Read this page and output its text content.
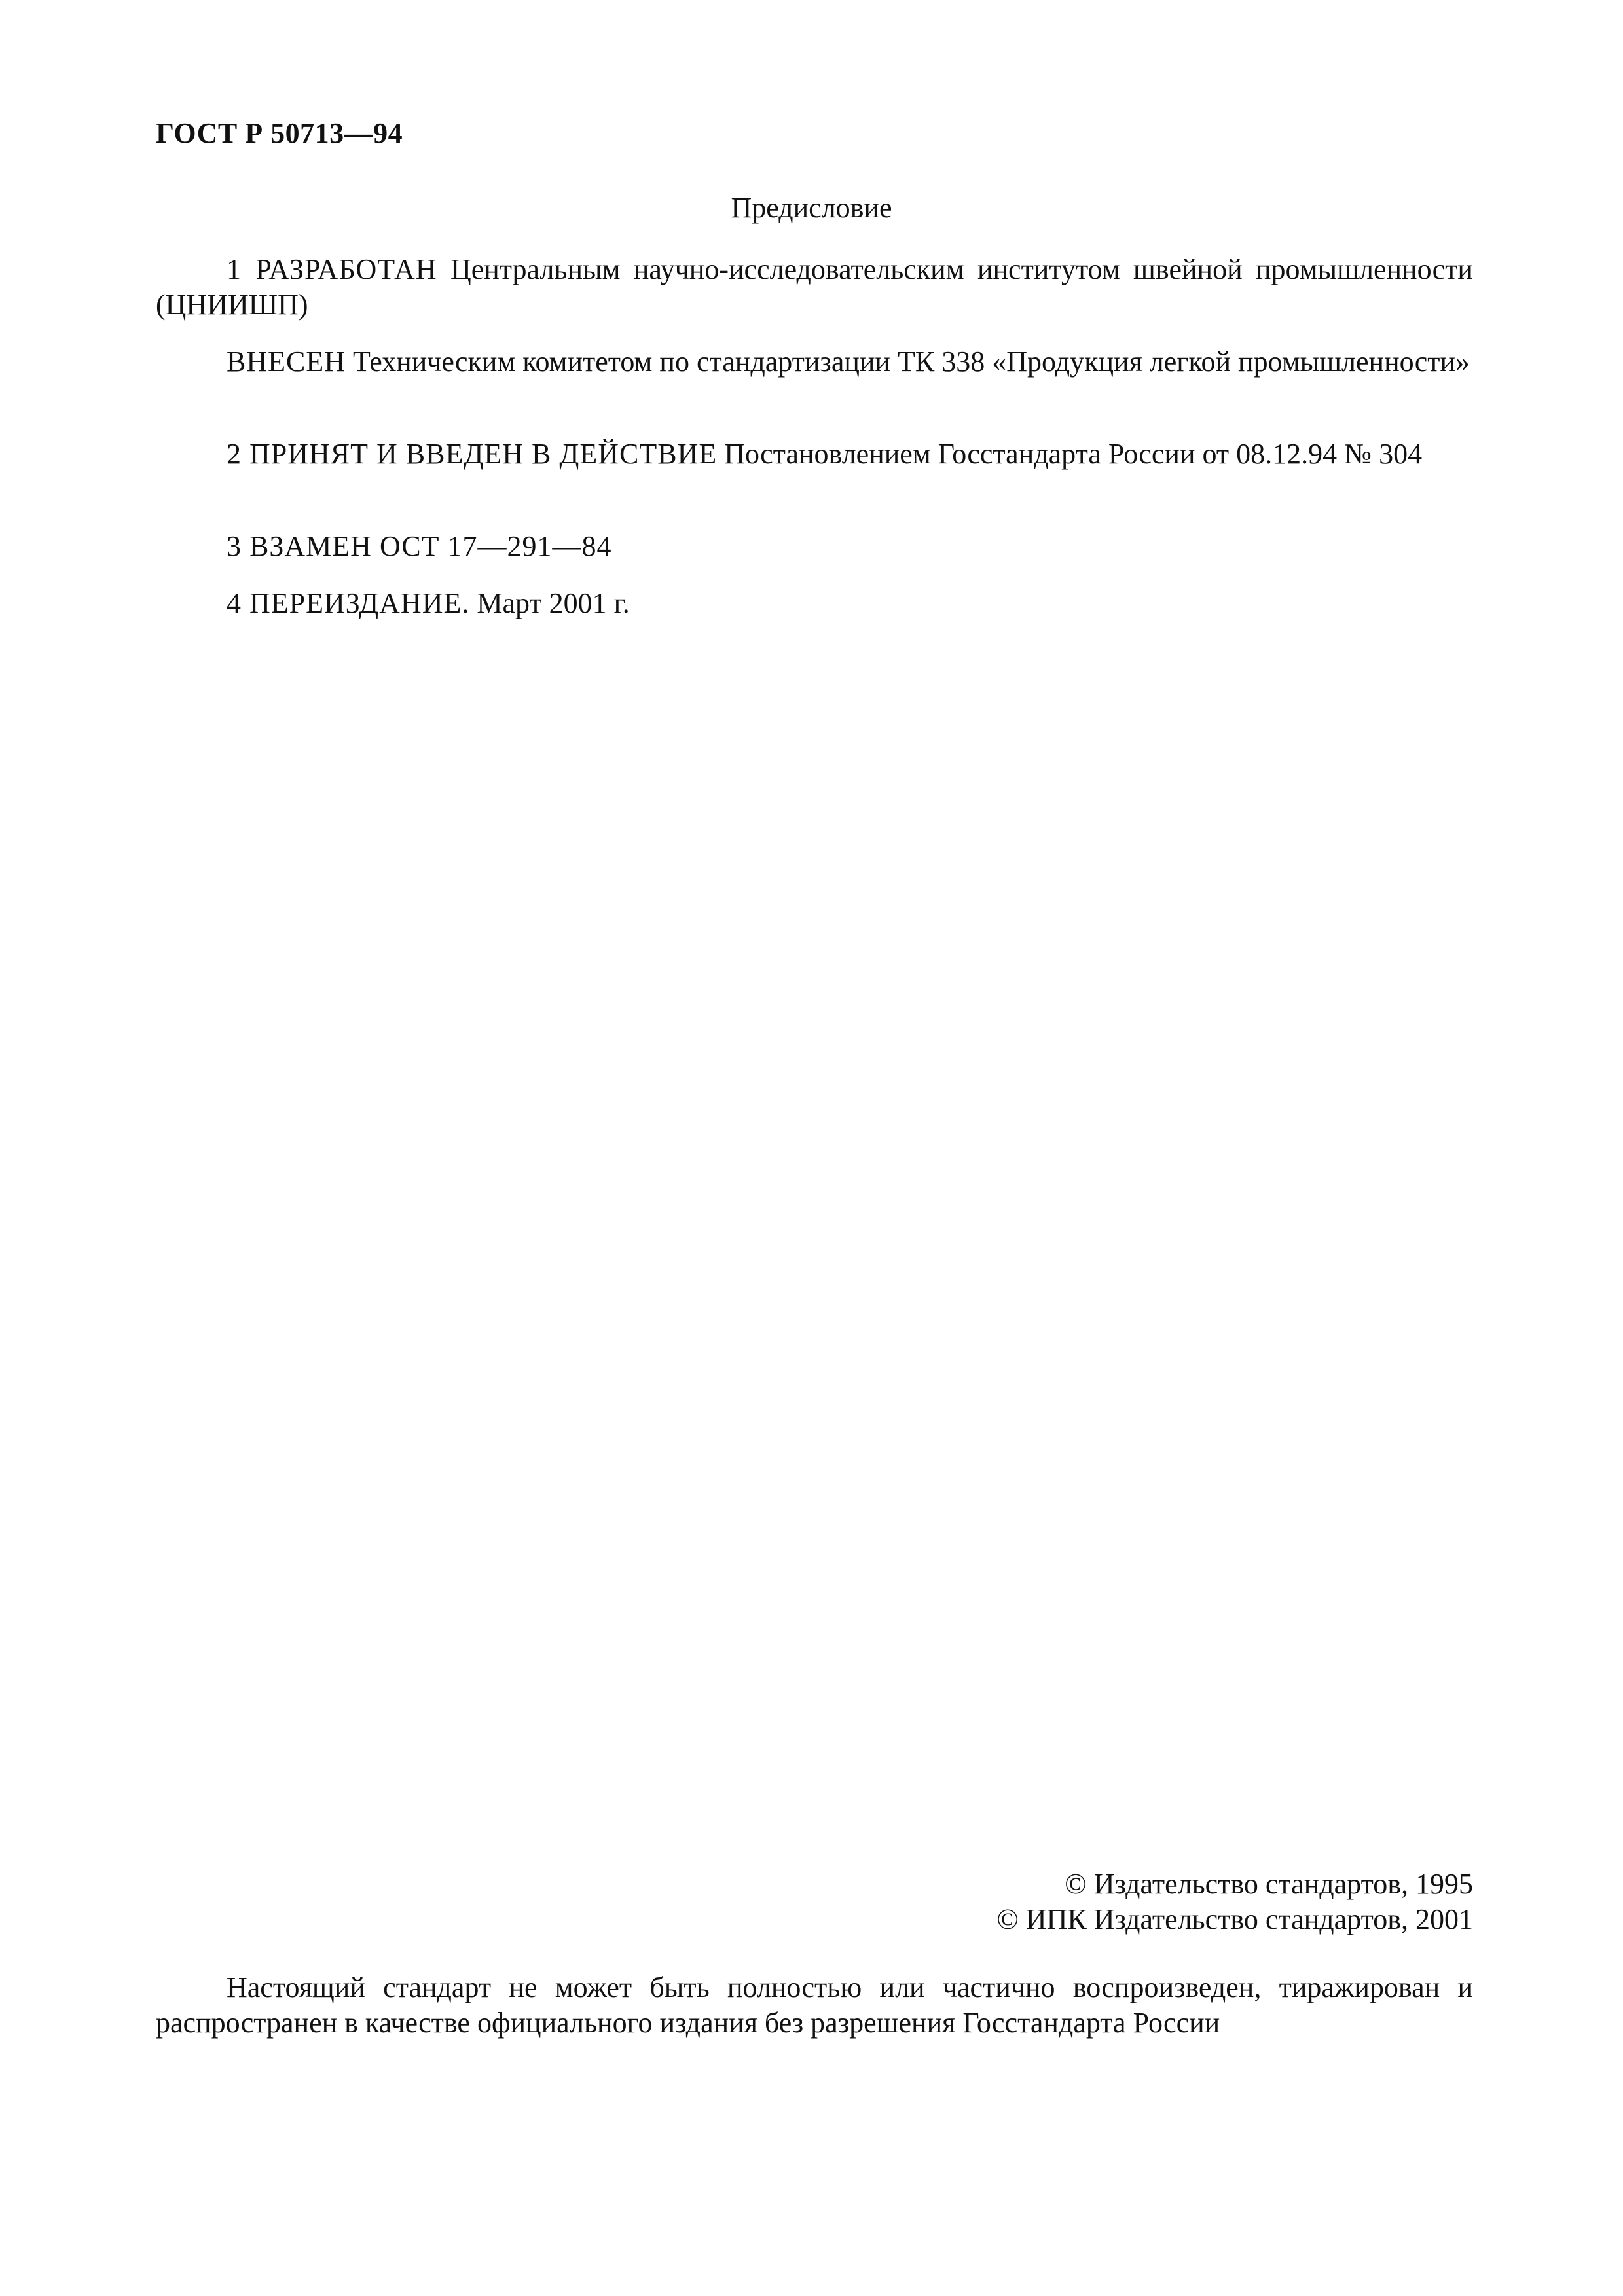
ГОСТ Р 50713—94
Предисловие
1 РАЗРАБОТАН Центральным научно-исследовательским институтом швейной промышленности (ЦНИИШП)
ВНЕСЕН Техническим комитетом по стандартизации ТК 338 «Продукция легкой промышленности»
2 ПРИНЯТ И ВВЕДЕН В ДЕЙСТВИЕ Постановлением Госстандарта России от 08.12.94 № 304
3 ВЗАМЕН ОСТ 17—291—84
4 ПЕРЕИЗДАНИЕ. Март 2001 г.
© Издательство стандартов, 1995
© ИПК Издательство стандартов, 2001
Настоящий стандарт не может быть полностью или частично воспроизведен, тиражирован и распространен в качестве официального издания без разрешения Госстандарта России
